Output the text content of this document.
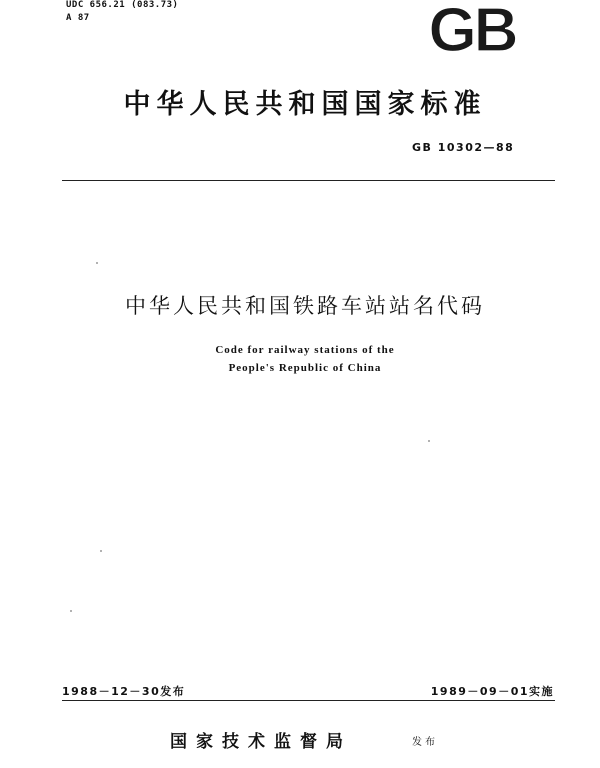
UDC 656.21 (083.73)
A 87	GB
中华人民共和国国家标准
GB 10302—88
中华人民共和国铁路车站站名代码
Code for railway stations of the
People's Republic of China
1988－12－30发布	1989－09－01实施
国家技术监督局	发布
